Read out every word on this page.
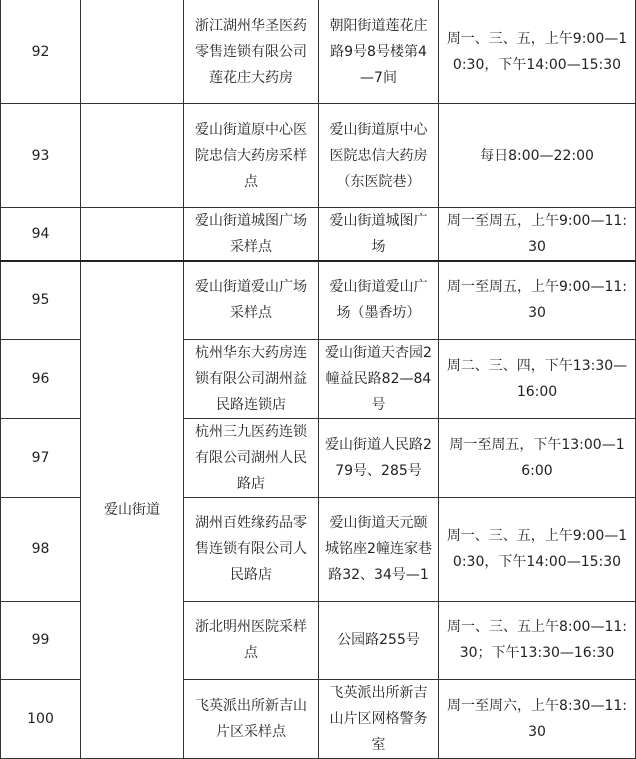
92		浙江湖州华圣医药零售连锁有限公司莲花庄大药房	朝阳街道莲花庄路9号8号楼第4—7间	周一、三、五，上午9:00—10:30，下午14:00—15:30
93		爱山街道原中心医院忠信大药房采样点	爱山街道原中心医院忠信大药房（东医院巷）	每日8:00—22:00
94		爱山街道城图广场采样点	爱山街道城图广场	周一至周五，上午9:00—11:30
95	爱山街道	爱山街道爱山广场采样点	爱山街道爱山广场（墨香坊）	周一至周五，上午9:00—11:30
96		杭州华东大药房连锁有限公司湖州益民路连锁店	爱山街道天杏园2幢益民路82—84号	周二、三、四，下午13:30—16:00
97		杭州三九医药连锁有限公司湖州人民路店	爱山街道人民路279号、285号	周一至周五，下午13:00—16:00
98		湖州百姓缘药品零售连锁有限公司人民路店	爱山街道天元颐城铭座2幢连家巷路32、34号—1	周一、三、五，上午9:00—10:30，下午14:00—15:30
99		浙北明州医院采样点	公园路255号	周一、三、五上午8:00—11:30；下午13:30—16:30
100		飞英派出所新吉山片区采样点	飞英派出所新吉山片区网格警务室	周一至周六，上午8:30—11:30
